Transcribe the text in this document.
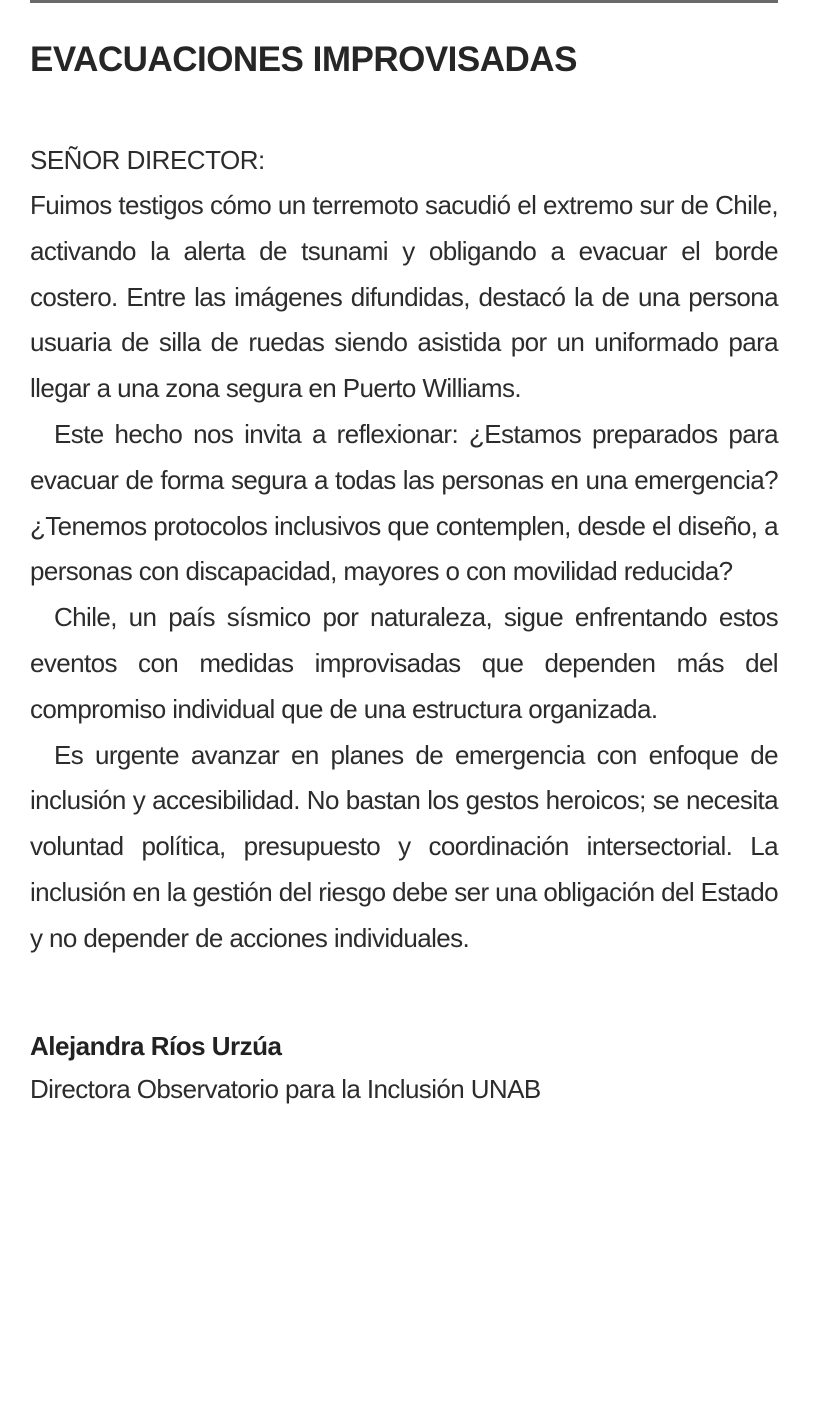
EVACUACIONES IMPROVISADAS
SEÑOR DIRECTOR:

Fuimos testigos cómo un terremoto sacudió el extremo sur de Chile, activando la alerta de tsunami y obligando a evacuar el borde costero. Entre las imágenes difundidas, destacó la de una persona usuaria de silla de ruedas siendo asistida por un uniformado para llegar a una zona segura en Puerto Williams.

Este hecho nos invita a reflexionar: ¿Estamos preparados para evacuar de forma segura a todas las personas en una emergencia? ¿Tenemos protocolos inclusivos que contemplen, desde el diseño, a personas con discapacidad, mayores o con movilidad reducida?

Chile, un país sísmico por naturaleza, sigue enfrentando estos eventos con medidas improvisadas que dependen más del compromiso individual que de una estructura organizada.

Es urgente avanzar en planes de emergencia con enfoque de inclusión y accesibilidad. No bastan los gestos heroicos; se necesita voluntad política, presupuesto y coordinación intersectorial. La inclusión en la gestión del riesgo debe ser una obligación del Estado y no depender de acciones individuales.

Alejandra Ríos Urzúa
Directora Observatorio para la Inclusión UNAB
